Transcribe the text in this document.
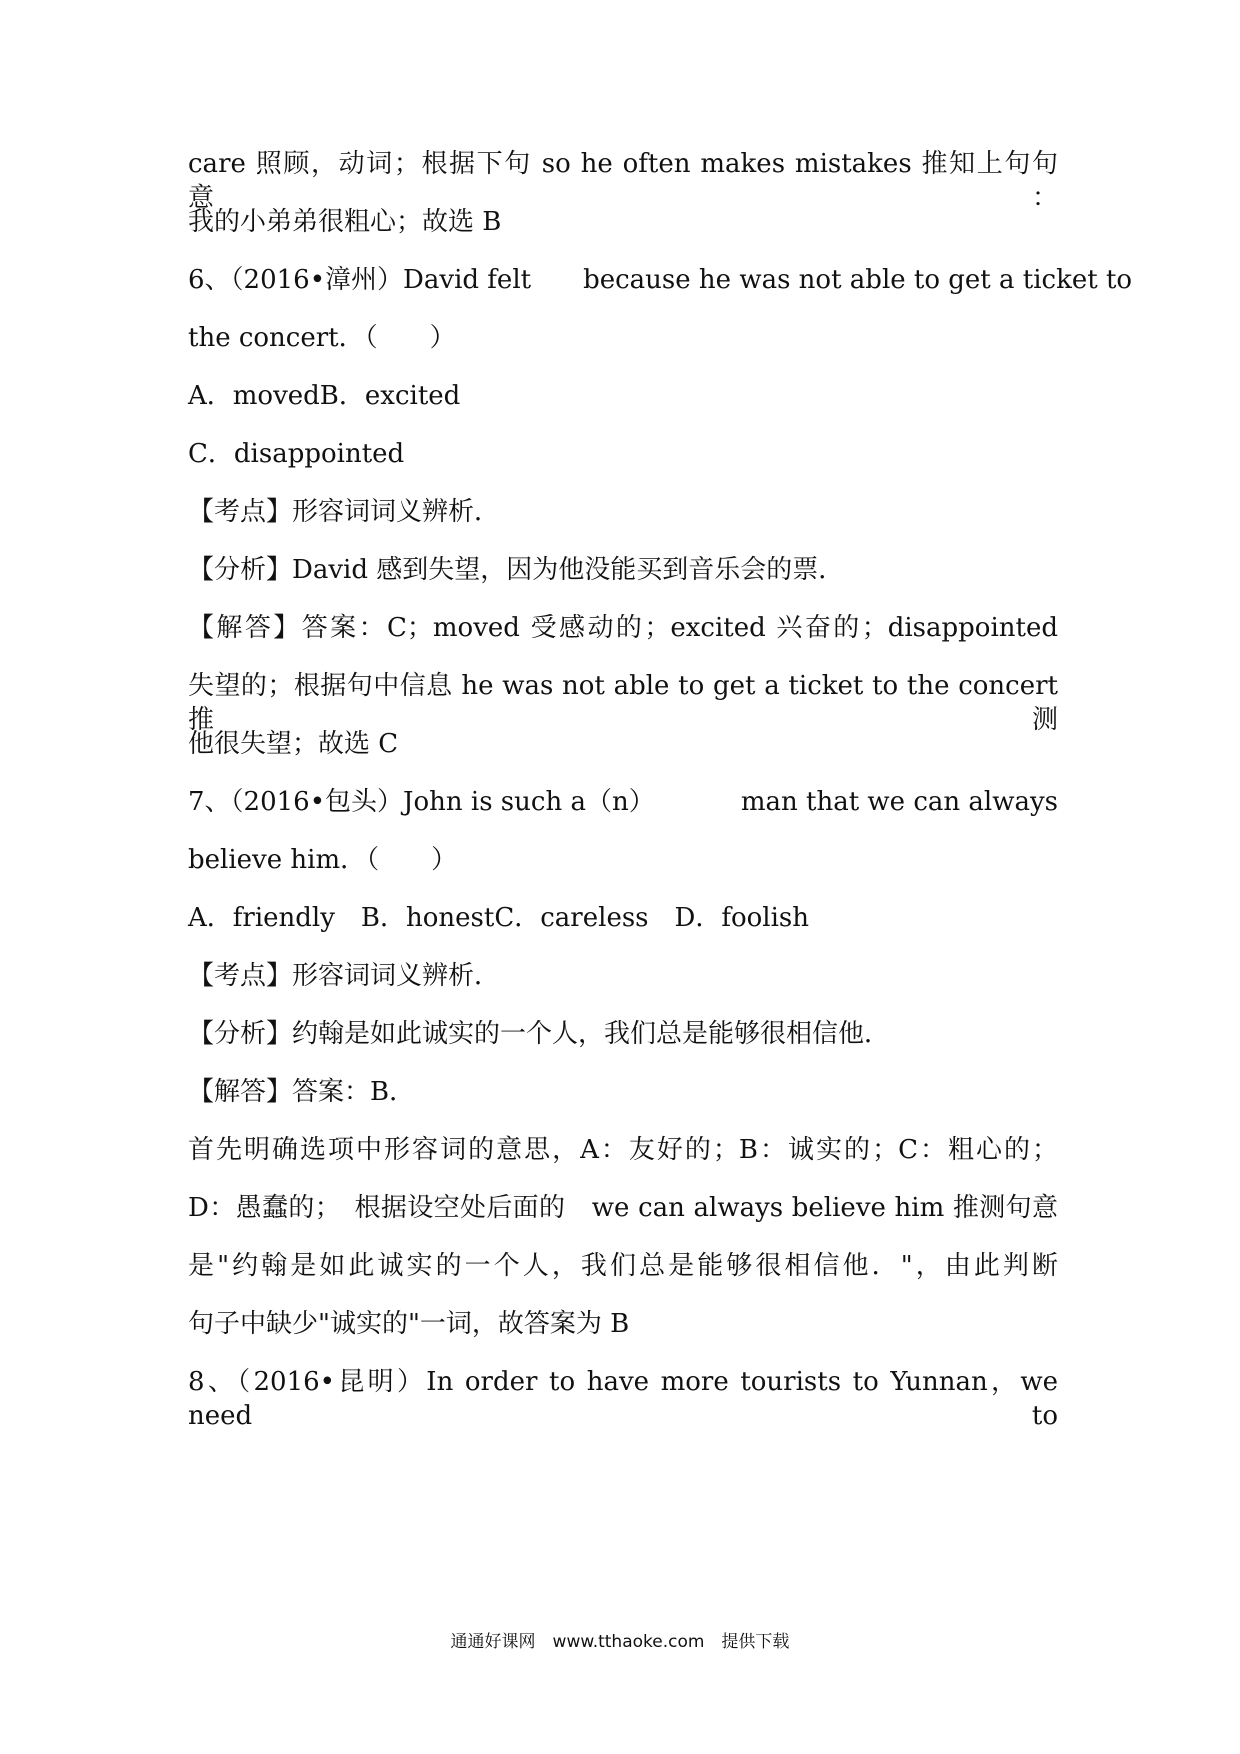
care 照顾，动词；根据下句 so he often makes mistakes 推知上句句意：
我的小弟弟很粗心；故选 B
6、（2016•漳州）David felt because he was not able to get a ticket to
the concert．（　　）
A．movedB．excited
C．disappointed
【考点】形容词词义辨析．
【分析】David 感到失望，因为他没能买到音乐会的票．
【解答】答案：C；moved 受感动的；excited 兴奋的；disappointed
失望的；根据句中信息 he was not able to get a ticket to the concert 推测
他很失望；故选 C
7、（2016•包头）John is such a（n）	man that we can always
believe him．（　　）
A．friendly　B．honestC．careless　D．foolish
【考点】形容词词义辨析．
【分析】约翰是如此诚实的一个人，我们总是能够很相信他．
【解答】答案：B．
首先明确选项中形容词的意思，A：友好的；B：诚实的；C：粗心的；
D：愚蠢的；　根据设空处后面的　we can always believe him 推测句意
是"约翰是如此诚实的一个人，我们总是能够很相信他．"，由此判断
句子中缺少"诚实的"一词，故答案为 B
8、（2016•昆明）In order to have more tourists to Yunnan，we need to
通通好课网　www.tthaoke.com　提供下载
